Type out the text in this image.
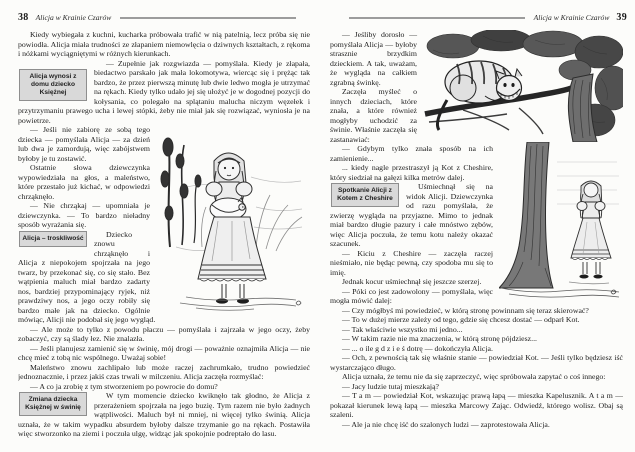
38 Alicja w Krainie Czarów

Kiedy wybiegała z kuchni, kucharka próbowała trafić w nią patelnią, lecz próba się nie powiodła. Alicja miała trudności ze złapaniem niemowlęcia o dziwnych kształtach, z rękoma i nóżkami wyciągniętymi w różnych kierunkach.

Alicja wynosi z domu dziecko Księżnej

— Zupełnie jak rozgwiazda — pomyślała. Kiedy je złapała, biedactwo parskało jak mała lokomotywa, wiercąc się i prężąc tak bardzo, że przez pierwszą minutę lub dwie ledwo mogła je utrzymać na rękach. Kiedy tylko udało jej się ułożyć je w dogodnej pozycji do kołysania, co polegało na splątaniu malucha niczym węzełek i przytrzymaniu prawego ucha i lewej stópki, żeby nie miał jak się rozwiązać, wyniosła je na powietrze.

— Jeśli nie zabiorę ze sobą tego dziecka — pomyślała Alicja — za dzień lub dwa je zamordują, więc zabójstwem byłoby je tu zostawić.

Ostatnie słowa dziewczynka wypowiedziała na głos, a maleństwo, które przestało już kichać, w odpowiedzi chrząknęło.

— Nie chrząkaj — upomniała je dziewczynka. — To bardzo nieładny sposób wyrażania się.

Alicja – troskliwość	Dziecko znowu chrząknęło i Alicja z niepokojem spojrzała na jego twarz, by przekonać się, co się stało. Bez wątpienia maluch miał bardzo zadarty nos, bardziej przypominający ryjek, niż prawdziwy nos, a jego oczy robiły się bardzo małe jak na dziecko. Ogólnie mówiąc, Alicji nie podobał się jego wygląd.

— Ale może to tylko z powodu płaczu — pomyślała i zajrzała w jego oczy, żeby zobaczyć, czy są ślady łez. Nie znalazła.

— Jeśli planujesz zamienić się w świnię, mój drogi — poważnie oznajmiła Alicja — nie chcę mieć z tobą nic wspólnego. Uważaj sobie!

Maleństwo znowu zachlipało lub może raczej zachrumkało, trudno powiedzieć jednoznacznie, i przez jakiś czas trwali w milczeniu. Alicja zaczęła rozmyślać:

— A co ja zrobię z tym stworzeniem po powrocie do domu?

Zmiana dziecka Księżnej w świnię

W tym momencie dziecko kwiknęło tak głodno, że Alicja z przerażeniem spojrzała na jego buzię. Tym razem nie było żadnych wątpliwości. Maluch był ni mniej, ni więcej tylko świnią. Alicja uznała, że w takim wypadku absurdem byłoby dalsze trzymanie go na rękach. Postawiła więc stworzonko na ziemi i poczuła ulgę, widząc jak spokojnie podreptało do lasu.

Alicja w Krainie Czarów 39

— Jeśliby dorosło — pomyślała Alicja — byłoby strasznie brzydkim dzieckiem. A tak, uważam, że wygląda na całkiem zgrabną świnkę.

Zaczęła myśleć o innych dzieciach, które znała, a które również mogłyby uchodzić za świnie. Właśnie zaczęła się zastanawiać:

— Gdybym tylko znała sposób na ich zamienienie...

... kiedy nagle przestraszył ją Kot z Cheshire, który siedział na gałęzi kilka metrów dalej.

Spotkanie Alicji z Kotem z Cheshire

Uśmiechnął się na widok Alicji. Dziewczynka od razu pomyślała, że zwierzę wygląda na przyjazne. Mimo to jednak miał bardzo długie pazury i całe mnóstwo zębów, więc Alicja poczuła, że temu kotu należy okazać szacunek.

— Kiciu z Cheshire — zaczęła raczej nieśmiało, nie będąc pewną, czy spodoba mu się to imię.

Jednak kocur uśmiechnął się jeszcze szerzej.

— Póki co jest zadowolony — pomyślała, więc mogła mówić dalej:

— Czy mógłbyś mi powiedzieć, w którą stronę powinnam się teraz skierować?

— To w dużej mierze zależy od tego, gdzie się chcesz dostać — odparł Kot.

— Tak właściwie wszystko mi jedno...

— W takim razie nie ma znaczenia, w którą stronę pójdziesz...

— ... o ile g d z i e ś dotrę — dokończyła Alicja.

— Och, z pewnością tak się właśnie stanie — powiedział Kot. — Jeśli tylko będziesz iść wystarczająco długo.

Alicja uznała, że temu nie da się zaprzeczyć, więc spróbowała zapytać o coś innego:

— Jacy ludzie tutaj mieszkają?

— T a m — powiedział Kot, wskazując prawą łapą — mieszka Kapelusznik. A t a m — pokazał kierunek lewą łapą — mieszka Marcowy Zając. Odwiedź, którego wolisz. Obaj są szaleni.

— Ale ja nie chcę iść do szalonych ludzi — zaprotestowała Alicja.
